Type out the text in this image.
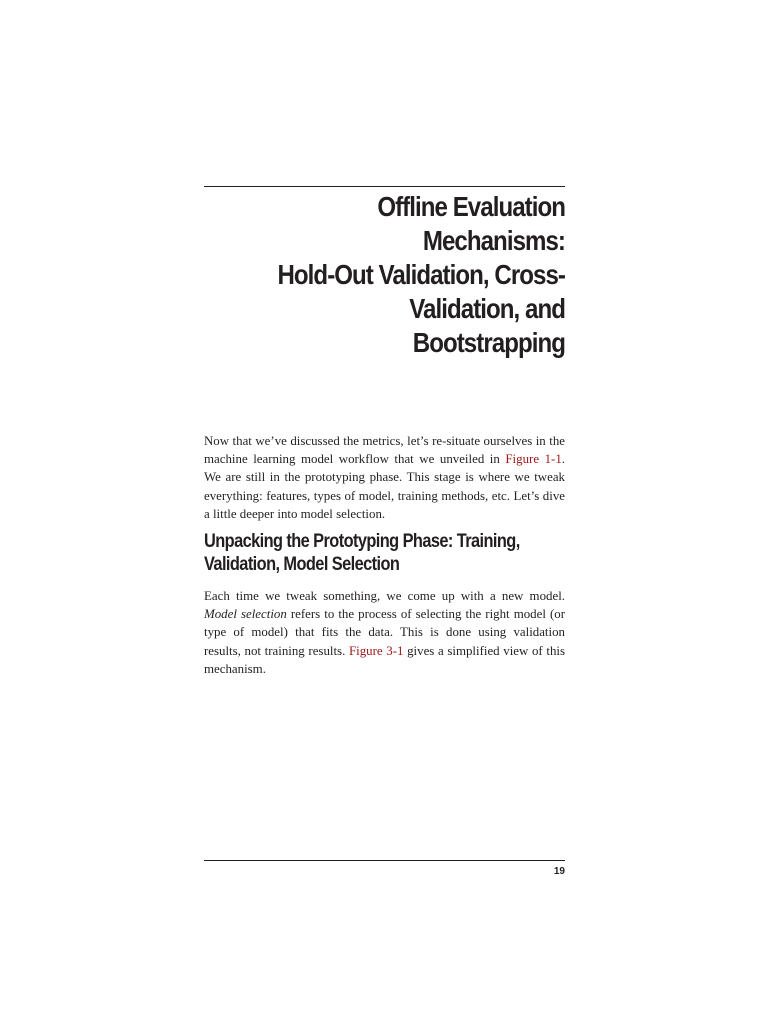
Offline Evaluation Mechanisms:
Hold-Out Validation, Cross-
Validation, and Bootstrapping

Now that we’ve discussed the metrics, let’s re-situate ourselves in the
machine learning model workflow that we unveiled in Figure 1-1.
We are still in the prototyping phase. This stage is where we tweak
everything: features, types of model, training methods, etc. Let’s dive
a little deeper into model selection.

Unpacking the Prototyping Phase: Training,
Validation, Model Selection

Each time we tweak something, we come up with a new model.
Model selection refers to the process of selecting the right model (or
type of model) that fits the data. This is done using validation
results, not training results. Figure 3-1 gives a simplified view of this
mechanism.

19
